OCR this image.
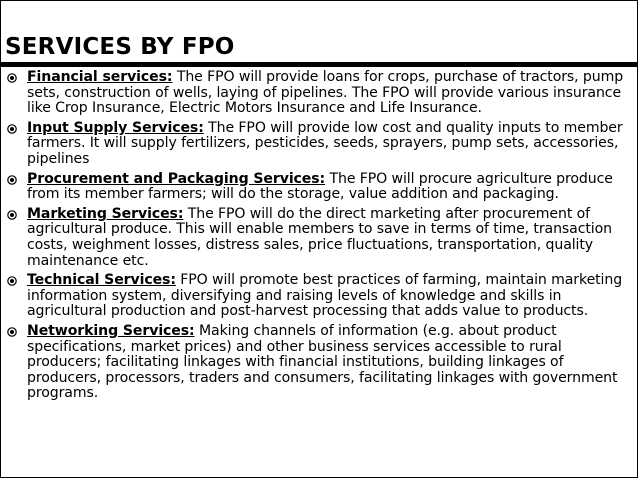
SERVICES BY FPO
Financial services: The FPO will provide loans for crops, purchase of tractors, pump sets, construction of wells, laying of pipelines. The FPO will provide various insurance like Crop Insurance, Electric Motors Insurance and Life Insurance.
Input Supply Services: The FPO will provide low cost and quality inputs to member farmers. It will supply fertilizers, pesticides, seeds, sprayers, pump sets, accessories, pipelines
Procurement and Packaging Services: The FPO will procure agriculture produce from its member farmers; will do the storage, value addition and packaging.
Marketing Services: The FPO will do the direct marketing after procurement of agricultural produce. This will enable members to save in terms of time, transaction costs, weighment losses, distress sales, price fluctuations, transportation, quality maintenance etc.
Technical Services: FPO will promote best practices of farming, maintain marketing information system, diversifying and raising levels of knowledge and skills in agricultural production and post-harvest processing that adds value to products.
Networking Services: Making channels of information (e.g. about product specifications, market prices) and other business services accessible to rural producers; facilitating linkages with financial institutions, building linkages of producers, processors, traders and consumers, facilitating linkages with government programs.
